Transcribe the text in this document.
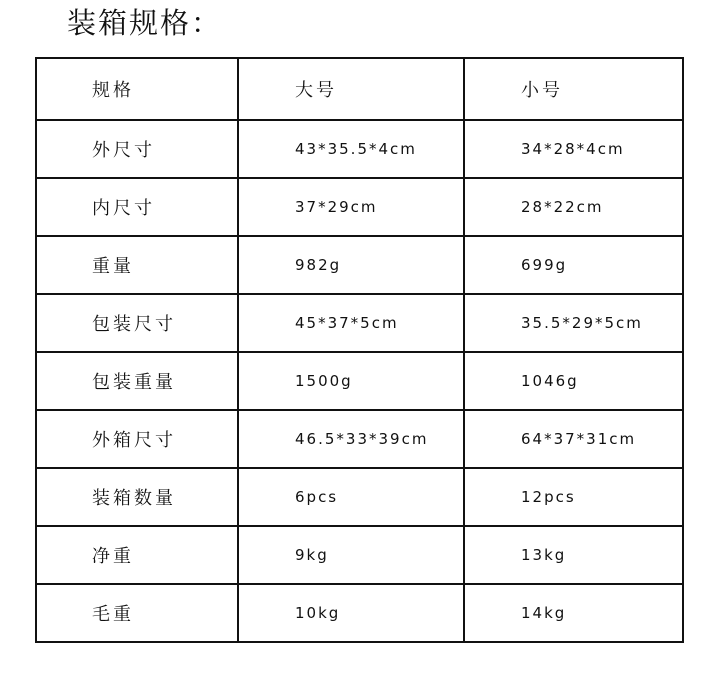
装箱规格：
规格	大号	小号
外尺寸	43*35.5*4cm	34*28*4cm
内尺寸	37*29cm	28*22cm
重量	982g	699g
包装尺寸	45*37*5cm	35.5*29*5cm
包装重量	1500g	1046g
外箱尺寸	46.5*33*39cm	64*37*31cm
装箱数量	6pcs	12pcs
净重	9kg	13kg
毛重	10kg	14kg
